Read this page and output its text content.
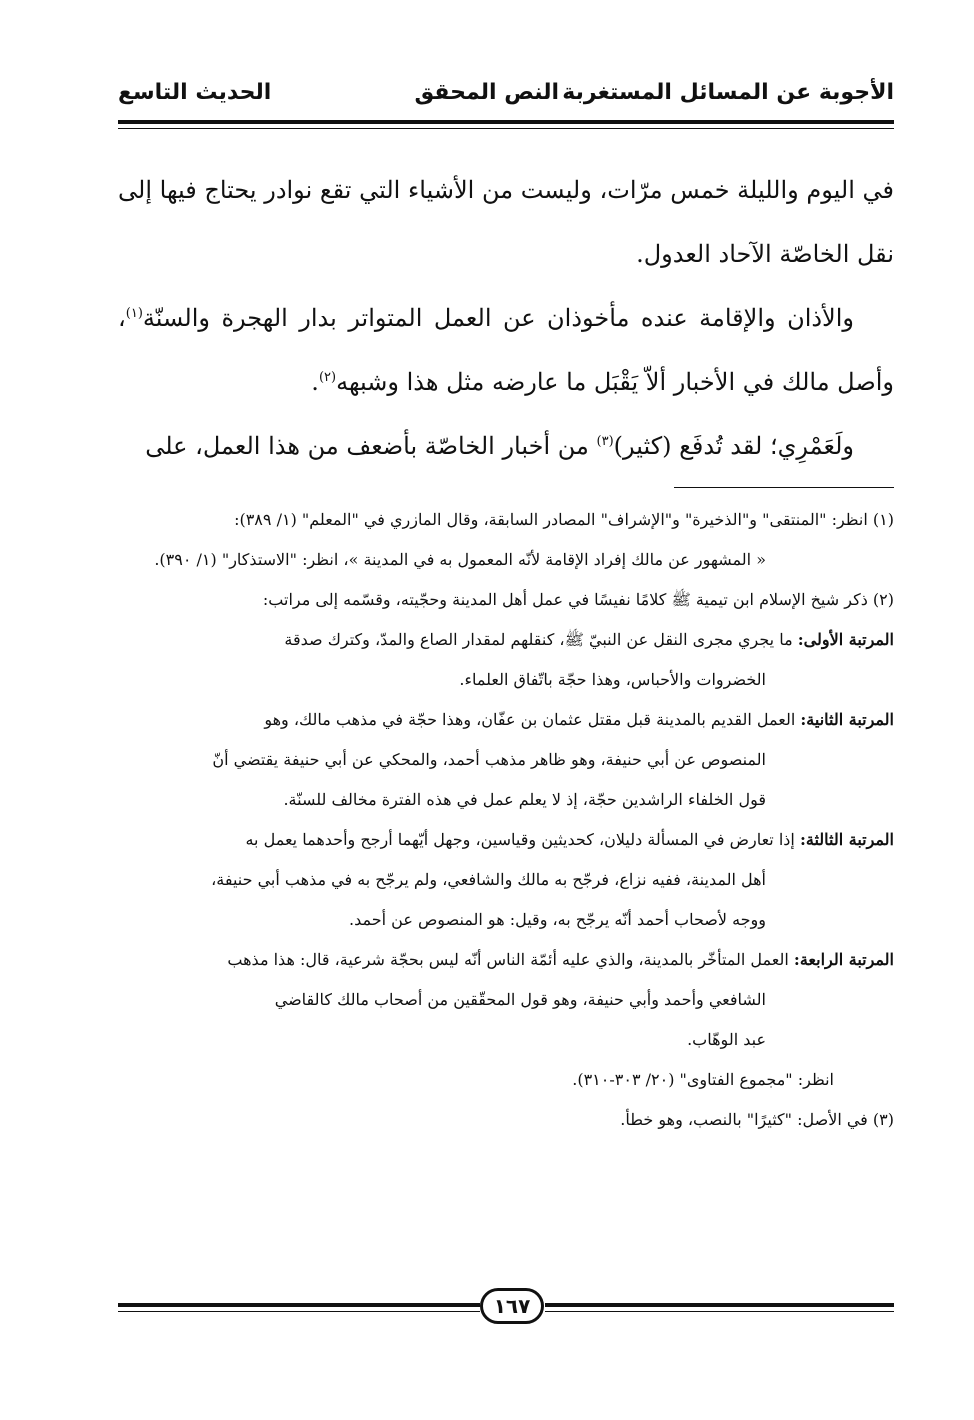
الأجوبة عن المسائل المستغربة
النص المحقق
الحديث التاسع

في اليوم والليلة خمس مرّات، وليست من الأشياء التي تقع نوادر يحتاج فيها إلى نقل الخاصّة الآحاد العدول.

والأذان والإقامة عنده مأخوذان عن العمل المتواتر بدار الهجرة والسنّة$^{(١)}$، وأصل مالك في الأخبار ألاّ يَقْبَل ما عارضه مثل هذا وشبهه$^{(٢)}$.

ولَعَمْرِي؛ لقد تُدفَع (كثير)$^{(٣)}$ من أخبار الخاصّة بأضعف من هذا العمل، على

(١) انظر: "المنتقى" و"الذخيرة" و"الإشراف" المصادر السابقة، وقال المازري في "المعلم" (١/ ٣٨٩):

« المشهور عن مالك إفراد الإقامة لأنّه المعمول به في المدينة »، انظر: "الاستذكار" (١/ ٣٩٠).

(٢) ذكر شيخ الإسلام ابن تيمية ﷺ كلامًا نفيسًا في عمل أهل المدينة وحجّيته، وقسّمه إلى مراتب:

المرتبة الأولى: ما يجري مجرى النقل عن النبيّ ﷺ، كنقلهم لمقدار الصاع والمدّ، وكترك صدقة
الخضروات والأحباس، وهذا حجّة باتّفاق العلماء.

المرتبة الثانية: العمل القديم بالمدينة قبل مقتل عثمان بن عفّان، وهذا حجّة في مذهب مالك، وهو
المنصوص عن أبي حنيفة، وهو ظاهر مذهب أحمد، والمحكي عن أبي حنيفة يقتضي أنّ
قول الخلفاء الراشدين حجّة، إذ لا يعلم عمل في هذه الفترة مخالف للسنّة.

المرتبة الثالثة: إذا تعارض في المسألة دليلان، كحديثين وقياسين، وجهل أيّهما أرجح وأحدهما يعمل به
أهل المدينة، ففيه نزاع، فرجّح به مالك والشافعي، ولم يرجّح به في مذهب أبي حنيفة،
ووجه لأصحاب أحمد أنّه يرجّح به، وقيل: هو المنصوص عن أحمد.

المرتبة الرابعة: العمل المتأخّر بالمدينة، والذي عليه أئمّة الناس أنّه ليس بحجّة شرعية، قال: هذا مذهب
الشافعي وأحمد وأبي حنيفة، وهو قول المحقّقين من أصحاب مالك كالقاضي
عبد الوهّاب.

انظر: "مجموع الفتاوى" (٢٠/ ٣٠٣-٣١٠).

(٣) في الأصل: "كثيرًا" بالنصب، وهو خطأ.

١٦٧
